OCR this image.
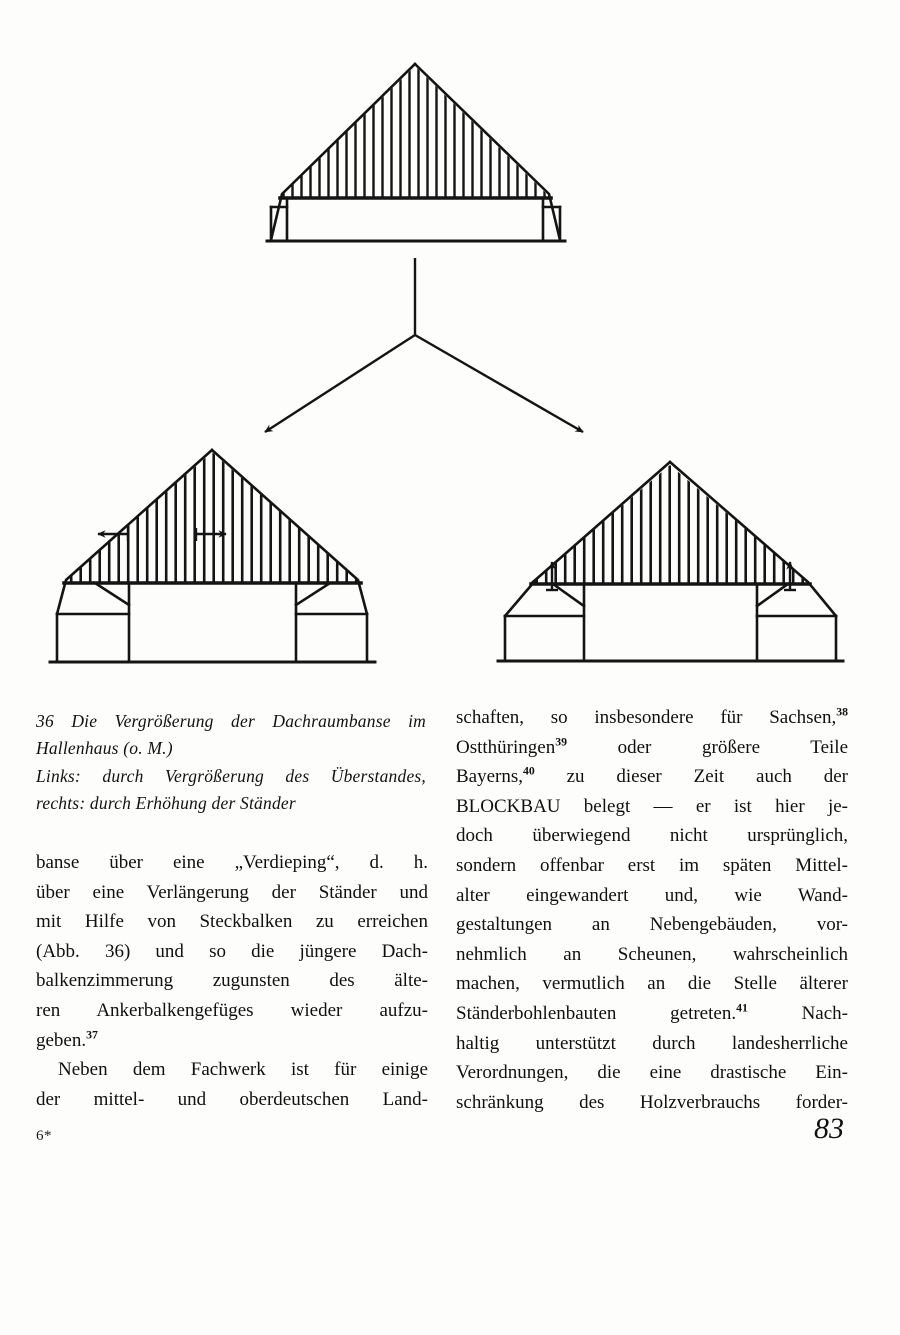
36 Die Vergrößerung der Dachraumbanse im
Hallenhaus (o. M.)
Links: durch Vergrößerung des Überstandes,
rechts: durch Erhöhung der Ständer

banse über eine „Verdieping“, d. h.
über eine Verlängerung der Ständer und
mit Hilfe von Steckbalken zu erreichen
(Abb. 36) und so die jüngere Dach-
balkenzimmerung zugunsten des älte-
ren Ankerbalkengefüges wieder aufzu-
geben.$^{37}$

Neben dem Fachwerk ist für einige
der mittel- und oberdeutschen Land-

schaften, so insbesondere für Sachsen,$^{38}$
Ostthüringen$^{39}$ oder größere Teile
Bayerns,$^{40}$ zu dieser Zeit auch der
BLOCKBAU belegt — er ist hier je-
doch überwiegend nicht ursprünglich,
sondern offenbar erst im späten Mittel-
alter eingewandert und, wie Wand-
gestaltungen an Nebengebäuden, vor-
nehmlich an Scheunen, wahrscheinlich
machen, vermutlich an die Stelle älterer
Ständerbohlenbauten getreten.$^{41}$ Nach-
haltig unterstützt durch landesherrliche
Verordnungen, die eine drastische Ein-
schränkung des Holzverbrauchs forder-

6*	83
